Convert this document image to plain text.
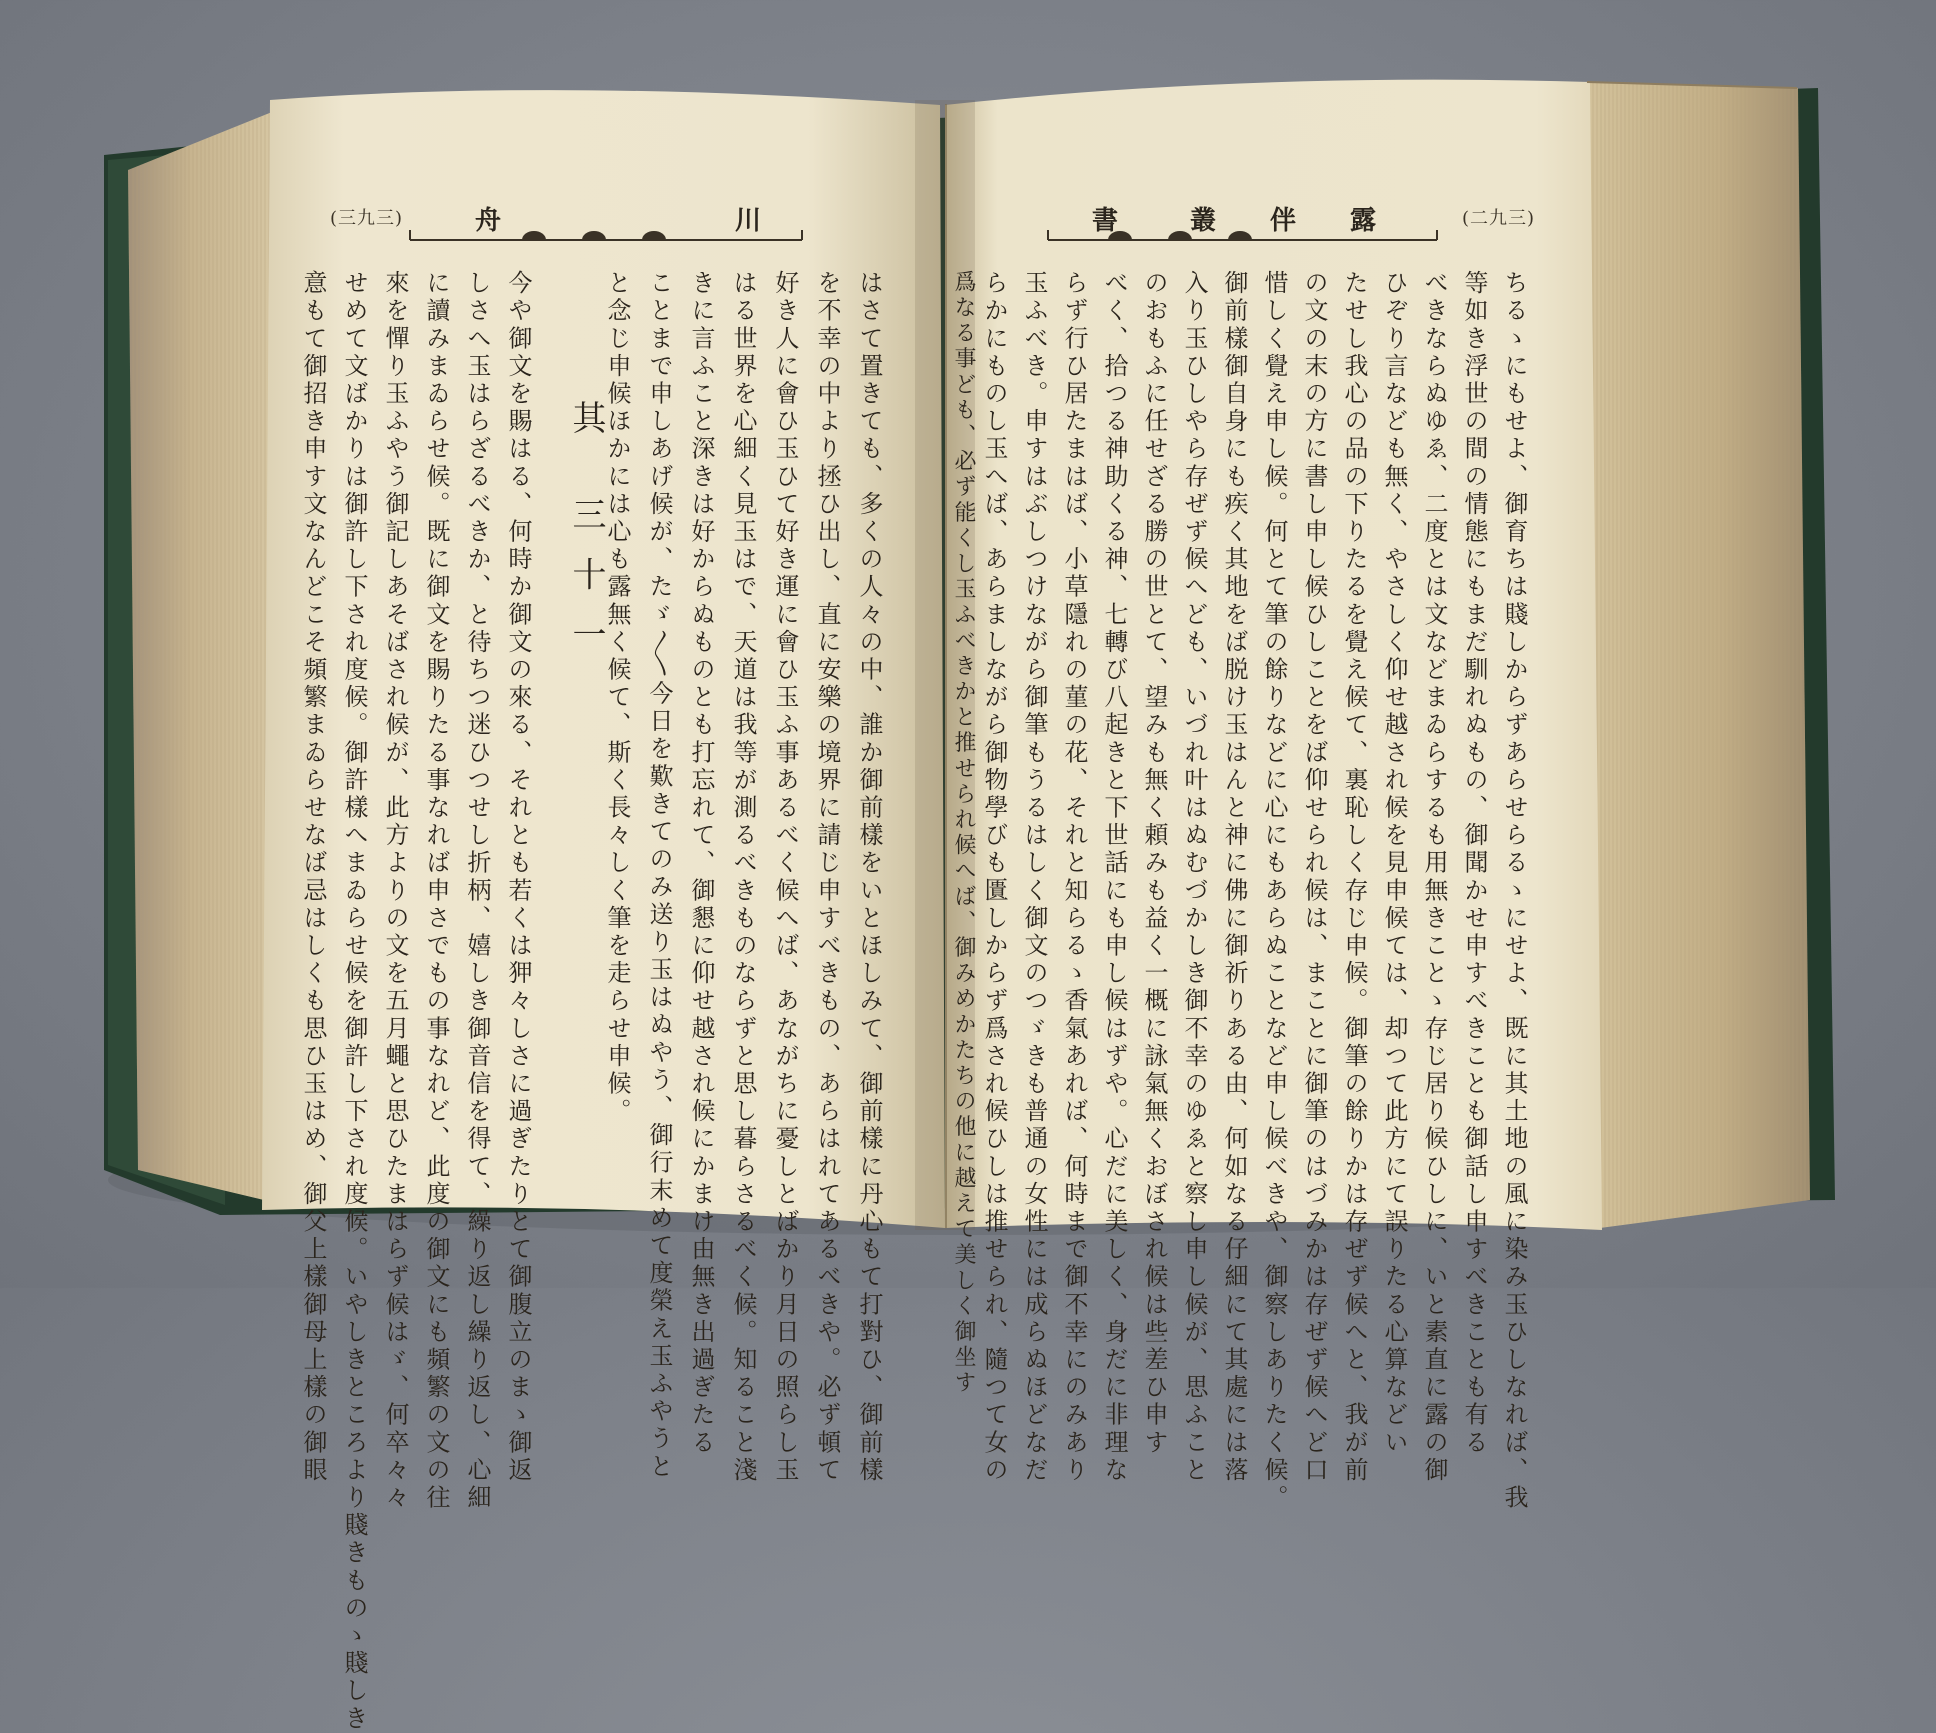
(三九三)	舟	川	書	叢 伴 露	(二九三)
其 三十一	はさて置きても、多くの人々の中、誰か御前樣をいとほしみて、御前樣に丹心もて打對ひ、御前樣
を不幸の中より拯ひ出し、直に安樂の境界に請じ申すべきもの、あらはれてあるべきや。必ず頓て
好き人に會ひ玉ひて好き運に會ひ玉ふ事あるべく候へば、あながちに憂しとばかり月日の照らし玉
はる世界を心細く見玉はで、天道は我等が測るべきものならずと思し暮らさるべく候。知ること淺
きに言ふこと深きは好からぬものとも打忘れて、御懇に仰せ越され候にかまけ由無き出過ぎたる
ことまで申しあげ候が、たゞ〳〵今日を歎きてのみ送り玉はぬやう、御行末めて度榮え玉ふやうと
と念じ申候ほかには心も露無く候て、斯く長々しく筆を走らせ申候。
今や御文を賜はる、何時か御文の來る、それとも若くは狎々しさに過ぎたりとて御腹立のまゝ御返
しさへ玉はらざるべきか、と待ちつ迷ひつせし折柄、嬉しき御音信を得て、繰り返し繰り返し、心細
に讀みまゐらせ候。既に御文を賜りたる事なれば申さでもの事なれど、此度の御文にも頻繁の文の往
來を憚り玉ふやう御記しあそばされ候が、此方よりの文を五月蠅と思ひたまはらず候はゞ、何卒々々
せめて文ばかりは御許し下され度候。御許樣へまゐらせ候を御許し下され度候。いやしきところより賤きものゝ賤しき
意もて御招き申す文なんどこそ頻繁まゐらせなば忌はしくも思ひ玉はめ、御父上樣御母上樣の御眼	ちるゝにもせよ、御育ちは賤しからずあらせらるゝにせよ、既に其土地の風に染み玉ひしなれば、我
等如き浮世の間の情態にもまだ馴れぬもの、御聞かせ申すべきことも御話し申すべきことも有る
べきならぬゆゑ、二度とは文などまゐらするも用無きことゝ存じ居り候ひしに、いと素直に露の御
ひぞり言なども無く、やさしく仰せ越され候を見申候ては、却つて此方にて誤りたる心算などい
たせし我心の品の下りたるを覺え候て、裏恥しく存じ申候。御筆の餘りかは存ぜず候へと、我が前
の文の末の方に書し申し候ひしことをば仰せられ候は、まことに御筆のはづみかは存ぜず候へど口
惜しく覺え申し候。何とて筆の餘りなどに心にもあらぬことなど申し候べきや、御察しありたく候。
御前樣御自身にも疾く其地をば脱け玉はんと神に佛に御祈りある由、何如なる仔細にて其處には落
入り玉ひしやら存ぜず候へども、いづれ叶はぬむづかしき御不幸のゆゑと察し申し候が、思ふこと
のおもふに任せざる勝の世とて、望みも無く頼みも益く一概に詠氣無くおぼされ候は些差ひ申す
べく、拾つる神助くる神、七轉び八起きと下世話にも申し候はずや。心だに美しく、身だに非理な
らず行ひ居たまはば、小草隱れの菫の花、それと知らるゝ香氣あれば、何時まで御不幸にのみあり
玉ふべき。申すはぶしつけながら御筆もうるはしく御文のつゞきも普通の女性には成らぬほどなだ
らかにものし玉へば、あらましながら御物學びも匱しからず爲され候ひしは推せられ、隨つて女の
爲なる事ども、必ず能くし玉ふべきかと推せられ候へば、御みめかたちの他に越えて美しく御坐す
